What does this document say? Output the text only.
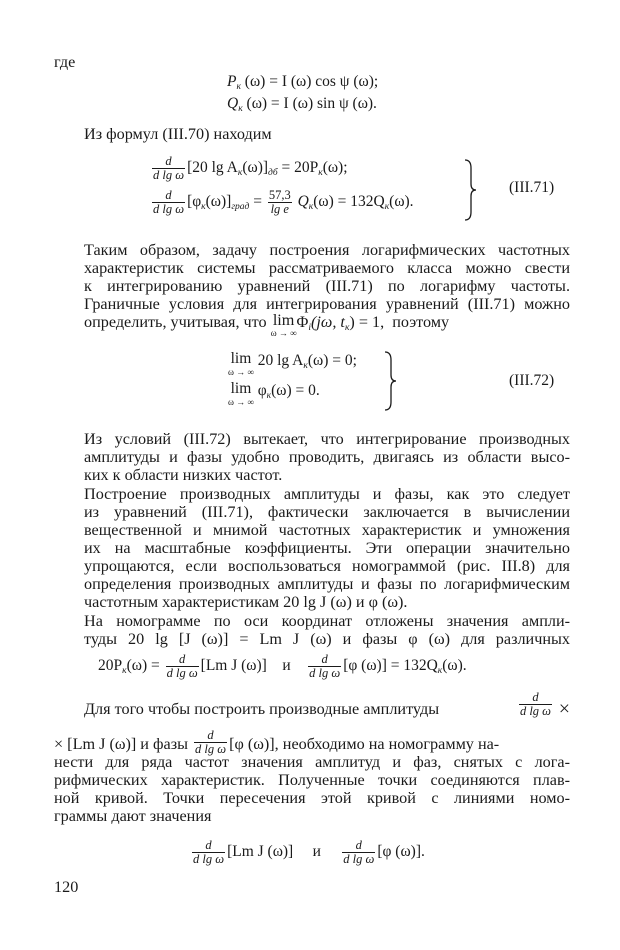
где
$P_к$ (ω) = I (ω) cos ψ (ω);
$Q_к$ (ω) = I (ω) sin ψ (ω).
Из формул (III.70) находим
$\frac{d}{\text{d lg ω}} [20$ $\lg A_к(\omega)]_{дб} = 20P_к(\omega)$;
$\frac{d}{\text{d lg ω}} [\varphi_к(\omega)]_{град} = \frac{57,3}{\text{lg e}} Q_к(\omega) = 132Q_к(\omega)$.
(III.71)
Таким образом, задачу построения логарифмических частотных
характеристик системы рассматриваемого класса можно свести
к интегрированию уравнений (III.71) по логарифму частоты.
Граничные условия для интегрирования уравнений (III.71) можно
определить, учитывая, что lim
ω → ∞
$\Phi_i(j\omega$, $t_к) = 1$, поэтому
lim
ω → ∞
20 $\lg A_к(\omega) = 0$;
lim
ω → ∞
$\varphi_к(\omega) = 0$.
(III.72)
Из условий (III.72) вытекает, что интегрирование производных
амплитуды и фазы удобно проводить, двигаясь из области высо-
ких к области низких частот.
Построение производных амплитуды и фазы, как это следует
из уравнений (III.71), фактически заключается в вычислении
вещественной и мнимой частотных характеристик и умножения
их на масштабные коэффициенты. Эти операции значительно
упрощаются, если воспользоваться номограммой (рис. III.8) для
определения производных амплитуды и фазы по логарифмическим
частотным характеристикам 20 lg J (ω) и φ (ω).
На номограмме по оси координат отложены значения ампли-
туды 20 lg [J (ω)] = Lm J (ω) и фазы φ (ω) для различных
$20P_к(\omega) = \frac{d}{\text{d lg ω}} [Lm$ J (ω)] и $\frac{d}{\text{d lg ω}} [\varphi$ $(\omega)] = 132Q_к(\omega)$.
Для того чтобы построить производные амплитуды	$\frac{d}{\text{d lg ω}}$ ×
× [Lm J (ω)] и фазы $\frac{d}{\text{d lg ω}} [\varphi$ (ω)], необходимо на номограмму на-
нести для ряда частот значения амплитуд и фаз, снятых с лога-
рифмических характеристик. Полученные точки соединяются плав-
ной кривой. Точки пересечения этой кривой с линиями номо-
граммы дают значения
$\frac{d}{\text{d lg ω}} [Lm$ J (ω)] и $\frac{d}{\text{d lg ω}} [\varphi$ (ω)].
120
